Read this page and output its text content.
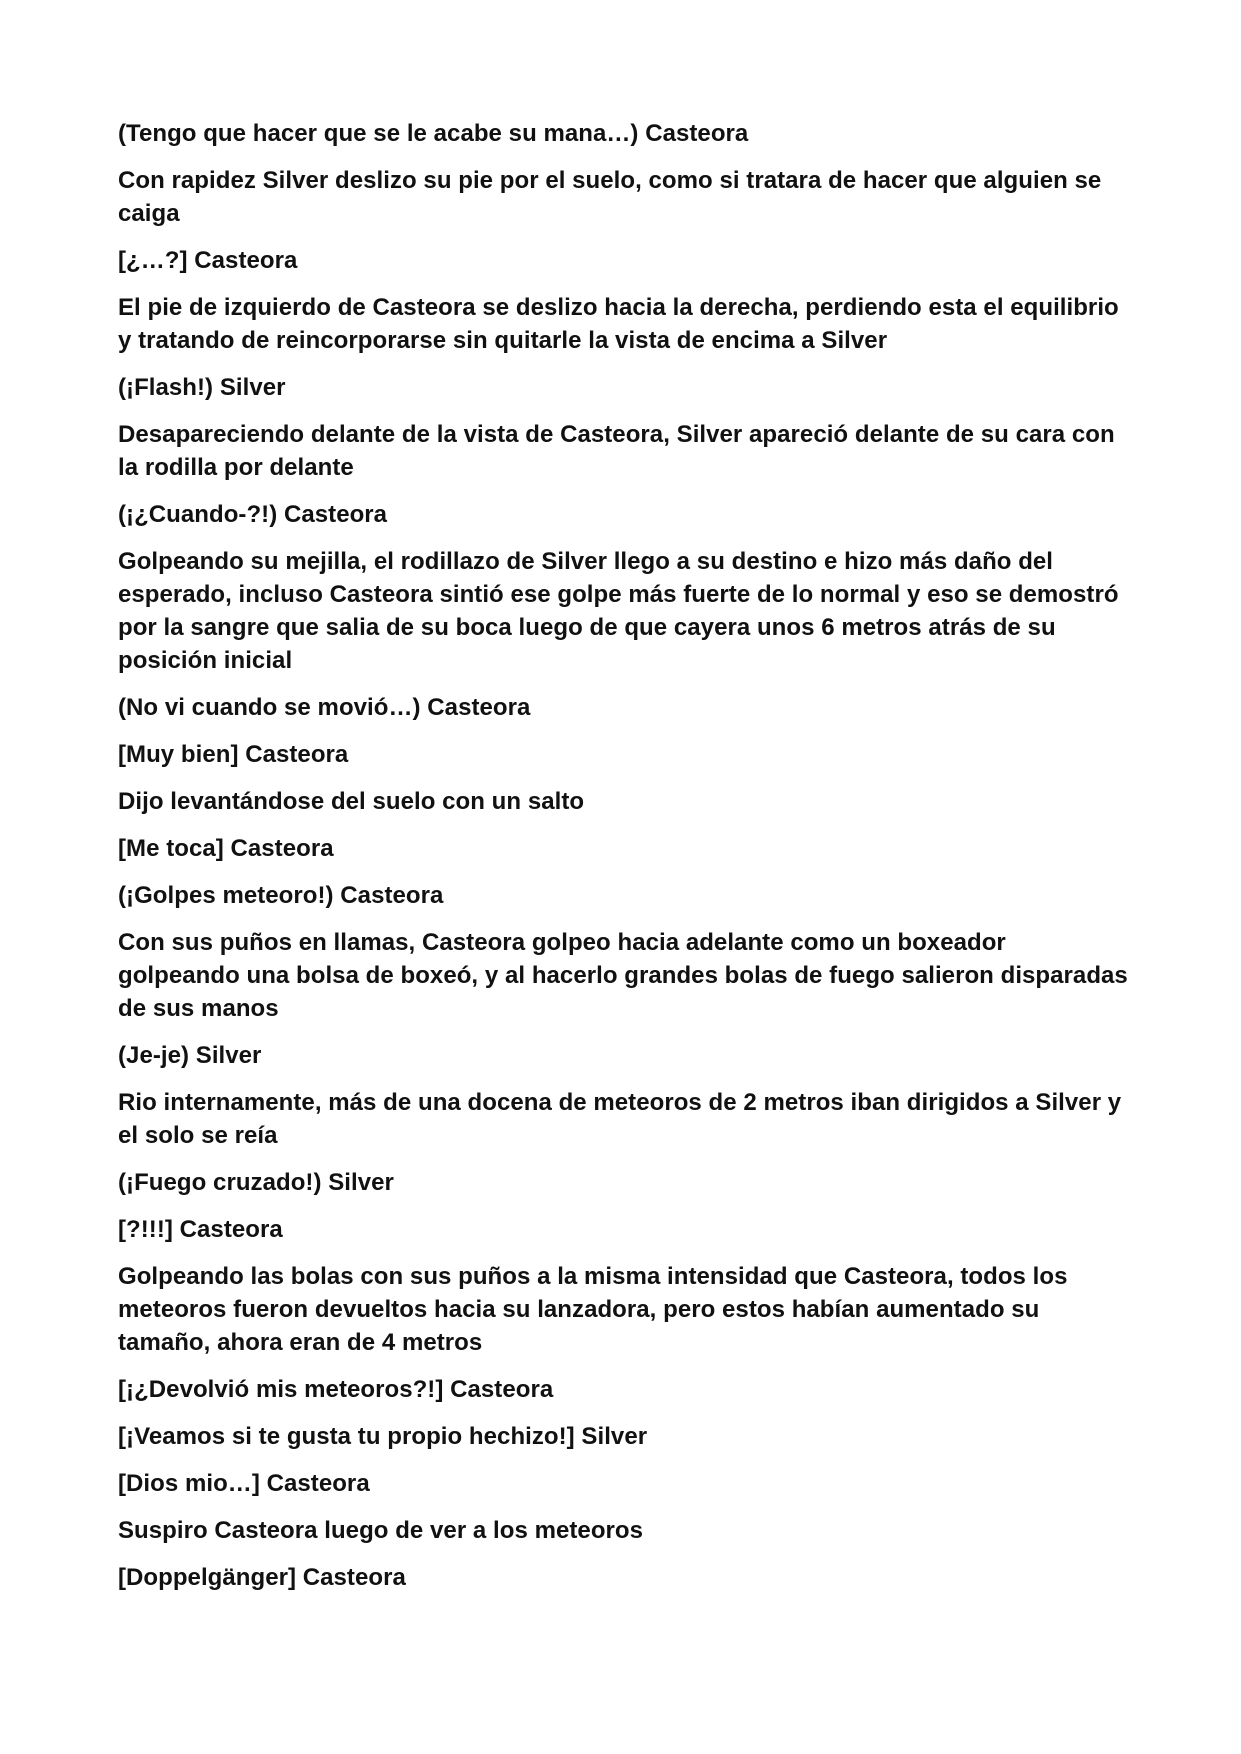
(Tengo que hacer que se le acabe su mana…) Casteora

Con rapidez Silver deslizo su pie por el suelo, como si tratara de hacer que alguien se caiga

[¿…?] Casteora

El pie de izquierdo de Casteora se deslizo hacia la derecha, perdiendo esta el equilibrio y tratando de reincorporarse sin quitarle la vista de encima a Silver

(¡Flash!) Silver

Desapareciendo delante de la vista de Casteora, Silver apareció delante de su cara con la rodilla por delante

(¡¿Cuando-?!) Casteora

Golpeando su mejilla, el rodillazo de Silver llego a su destino e hizo más daño del esperado, incluso Casteora sintió ese golpe más fuerte de lo normal y eso se demostró por la sangre que salia de su boca luego de que cayera unos 6 metros atrás de su posición inicial

(No vi cuando se movió…) Casteora

[Muy bien] Casteora

Dijo levantándose del suelo con un salto

[Me toca] Casteora

(¡Golpes meteoro!) Casteora

Con sus puños en llamas, Casteora golpeo hacia adelante como un boxeador golpeando una bolsa de boxeó, y al hacerlo grandes bolas de fuego salieron disparadas de sus manos

(Je-je) Silver

Rio internamente, más de una docena de meteoros de 2 metros iban dirigidos a Silver y el solo se reía

(¡Fuego cruzado!) Silver

[?!!!] Casteora

Golpeando las bolas con sus puños a la misma intensidad que Casteora, todos los meteoros fueron devueltos hacia su lanzadora, pero estos habían aumentado su tamaño, ahora eran de 4 metros

[¡¿Devolvió mis meteoros?!] Casteora

[¡Veamos si te gusta tu propio hechizo!] Silver

[Dios mio…] Casteora

Suspiro Casteora luego de ver a los meteoros

[Doppelgänger] Casteora
